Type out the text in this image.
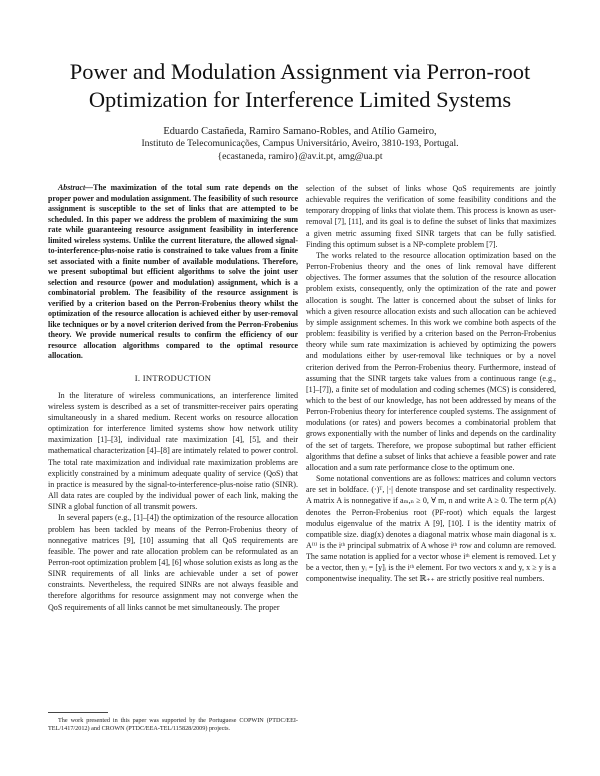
Power and Modulation Assignment via Perron-root
Optimization for Interference Limited Systems
Eduardo Castañeda, Ramiro Samano-Robles, and Atílio Gameiro,
Instituto de Telecomunicações, Campus Universitário, Aveiro, 3810-193, Portugal.
{ecastaneda, ramiro}@av.it.pt, amg@ua.pt

Abstract—The maximization of the total sum rate depends on the proper power and modulation assignment. The feasibility of such resource assignment is susceptible to the set of links that are attempted to be scheduled. In this paper we address the problem of maximizing the sum rate while guaranteeing resource assignment feasibility in interference limited wireless systems. Unlike the current literature, the allowed signal-to-interference-plus-noise ratio is constrained to take values from a finite set associated with a finite number of available modulations. Therefore, we present suboptimal but efficient algorithms to solve the joint user selection and resource (power and modulation) assignment, which is a combinatorial problem. The feasibility of the resource assignment is verified by a criterion based on the Perron-Frobenius theory whilst the optimization of the resource allocation is achieved either by user-removal like techniques or by a novel criterion derived from the Perron-Frobenius theory. We provide numerical results to confirm the efficiency of our resource allocation algorithms compared to the optimal resource allocation.

I. INTRODUCTION

In the literature of wireless communications, an interference limited wireless system is described as a set of transmitter-receiver pairs operating simultaneously in a shared medium. Recent works on resource allocation optimization for interference limited systems show how network utility maximization [1]–[3], individual rate maximization [4], [5], and their mathematical characterization [4]–[8] are intimately related to power control. The total rate maximization and individual rate maximization problems are explicitly constrained by a minimum adequate quality of service (QoS) that in practice is measured by the signal-to-interference-plus-noise ratio (SINR). All data rates are coupled by the individual power of each link, making the SINR a global function of all transmit powers.

In several papers (e.g., [1]–[4]) the optimization of the resource allocation problem has been tackled by means of the Perron-Frobenius theory of nonnegative matrices [9], [10] assuming that all QoS requirements are feasible. The power and rate allocation problem can be reformulated as an Perron-root optimization problem [4], [6] whose solution exists as long as the SINR requirements of all links are achievable under a set of power constraints. Nevertheless, the required SINRs are not always feasible and therefore algorithms for resource assignment may not converge when the QoS requirements of all links cannot be met simultaneously. The proper

selection of the subset of links whose QoS requirements are jointly achievable requires the verification of some feasibility conditions and the temporary dropping of links that violate them. This process is known as user-removal [7], [11], and its goal is to define the subset of links that maximizes a given metric assuming fixed SINR targets that can be fully satisfied. Finding this optimum subset is a NP-complete problem [7].

The works related to the resource allocation optimization based on the Perron-Frobenius theory and the ones of link removal have different objectives. The former assumes that the solution of the resource allocation problem exists, consequently, only the optimization of the rate and power allocation is sought. The latter is concerned about the subset of links for which a given resource allocation exists and such allocation can be achieved by simple assignment schemes. In this work we combine both aspects of the problem: feasibility is verified by a criterion based on the Perron-Frobenius theory while sum rate maximization is achieved by optimizing the powers and modulations either by user-removal like techniques or by a novel criterion derived from the Perron-Frobenius theory. Furthermore, instead of assuming that the SINR targets take values from a continuous range (e.g., [1]–[7]), a finite set of modulation and coding schemes (MCS) is considered, which to the best of our knowledge, has not been addressed by means of the Perron-Frobenius theory for interference coupled systems. The assignment of modulations (or rates) and powers becomes a combinatorial problem that grows exponentially with the number of links and depends on the cardinality of the set of targets. Therefore, we propose suboptimal but rather efficient algorithms that define a subset of links that achieve a feasible power and rate allocation and a sum rate performance close to the optimum one.

Some notational conventions are as follows: matrices and column vectors are set in boldface. (·)ᵀ, |·| denote transpose and set cardinality respectively. A matrix A is nonnegative if aₘ,ₙ ≥ 0, ∀ m, n and write A ≥ 0. The term ρ(A) denotes the Perron-Frobenius root (PF-root) which equals the largest modulus eigenvalue of the matrix A [9], [10]. I is the identity matrix of compatible size. diag(x) denotes a diagonal matrix whose main diagonal is x. A⁽ⁱ⁾ is the iᵗʰ principal submatrix of A whose iᵗʰ row and column are removed. The same notation is applied for a vector whose iᵗʰ element is removed. Let y be a vector, then yᵢ = [y]ᵢ is the iᵗʰ element. For two vectors x and y, x ≥ y is a componentwise inequality. The set ℝ₊₊ are strictly positive real numbers.

The work presented in this paper was supported by the Portuguese COPWIN (PTDC/EEI-TEL/1417/2012) and CROWN (PTDC/EEA-TEL/115828/2009) projects.
